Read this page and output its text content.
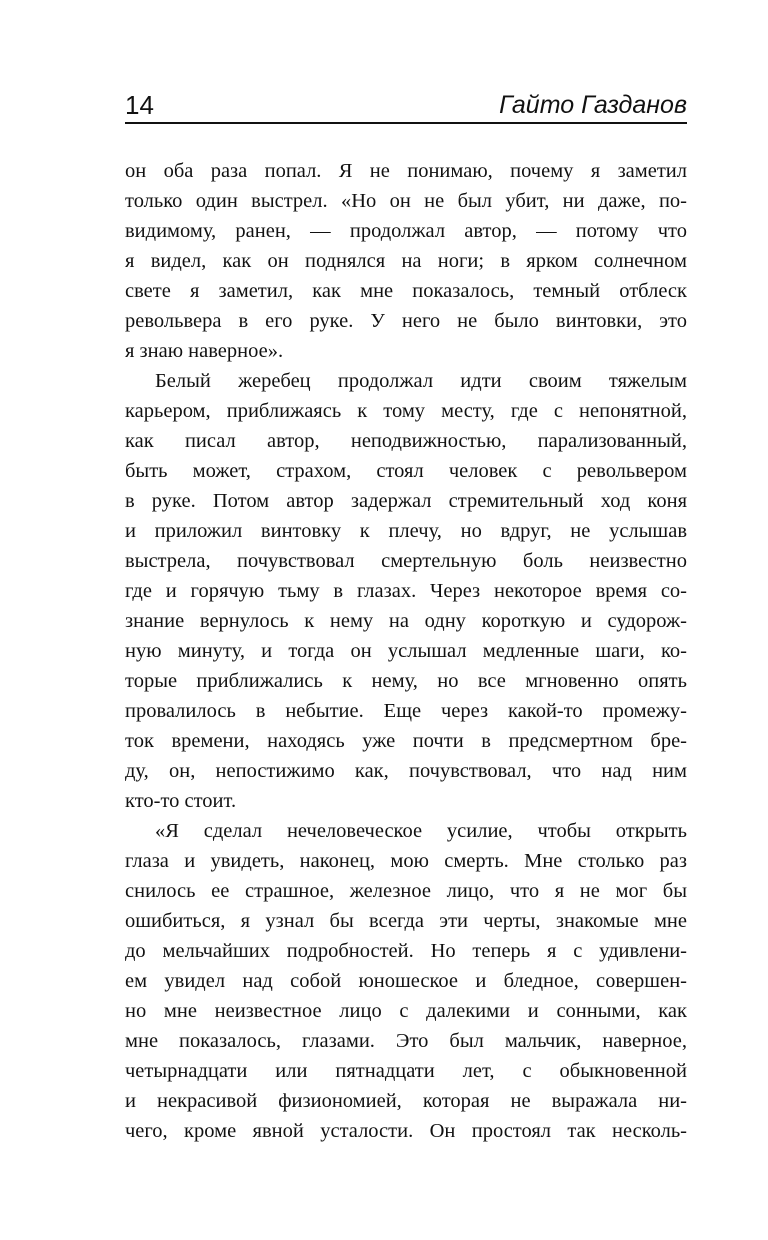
14	Гайто Газданов
он оба раза попал. Я не понимаю, почему я заметил
только один выстрел. «Но он не был убит, ни даже, по-
видимому, ранен, — продолжал автор, — потому что
я видел, как он поднялся на ноги; в ярком солнечном
свете я заметил, как мне показалось, темный отблеск
револьвера в его руке. У него не было винтовки, это
я знаю наверное».
Белый жеребец продолжал идти своим тяжелым
карьером, приближаясь к тому месту, где с непонятной,
как писал автор, неподвижностью, парализованный,
быть может, страхом, стоял человек с револьвером
в руке. Потом автор задержал стремительный ход коня
и приложил винтовку к плечу, но вдруг, не услышав
выстрела, почувствовал смертельную боль неизвестно
где и горячую тьму в глазах. Через некоторое время со-
знание вернулось к нему на одну короткую и судорож-
ную минуту, и тогда он услышал медленные шаги, ко-
торые приближались к нему, но все мгновенно опять
провалилось в небытие. Еще через какой-то промежу-
ток времени, находясь уже почти в предсмертном бре-
ду, он, непостижимо как, почувствовал, что над ним
кто-то стоит.
«Я сделал нечеловеческое усилие, чтобы открыть
глаза и увидеть, наконец, мою смерть. Мне столько раз
снилось ее страшное, железное лицо, что я не мог бы
ошибиться, я узнал бы всегда эти черты, знакомые мне
до мельчайших подробностей. Но теперь я с удивлени-
ем увидел над собой юношеское и бледное, совершен-
но мне неизвестное лицо с далекими и сонными, как
мне показалось, глазами. Это был мальчик, наверное,
четырнадцати или пятнадцати лет, с обыкновенной
и некрасивой физиономией, которая не выражала ни-
чего, кроме явной усталости. Он простоял так несколь-
